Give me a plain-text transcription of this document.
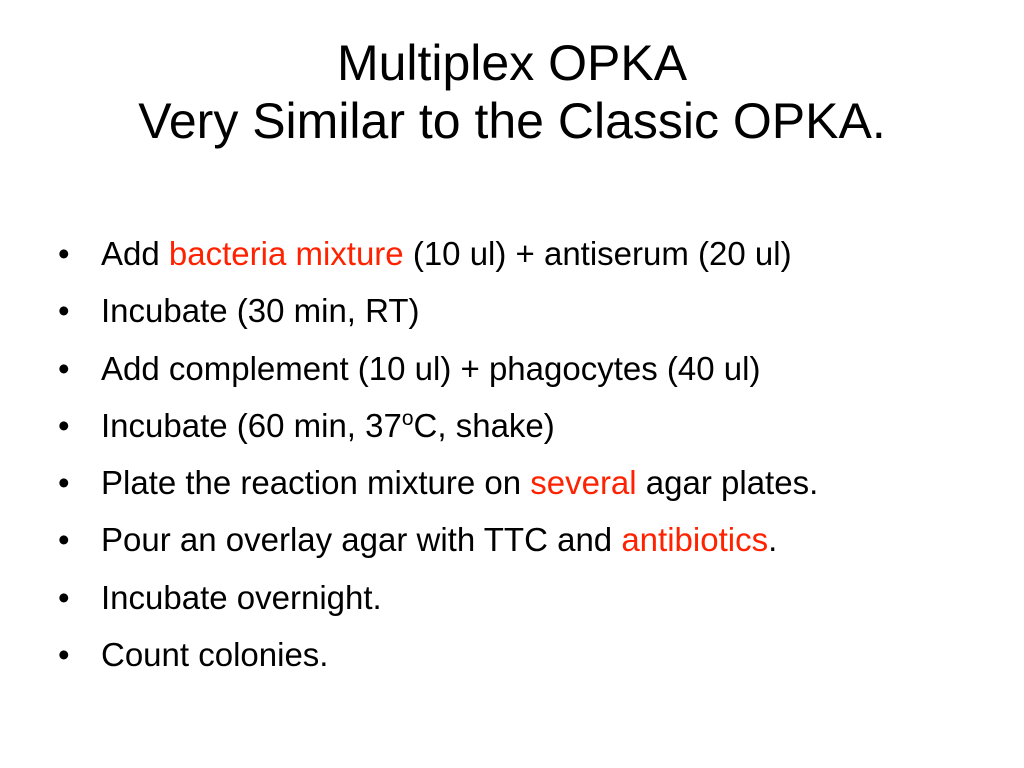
Multiplex OPKA
Very Similar to the Classic OPKA.
• Add bacteria mixture (10 ul) + antiserum (20 ul)
• Incubate (30 min, RT)
• Add complement (10 ul) + phagocytes (40 ul)
• Incubate (60 min, 37$^o$C, shake)
• Plate the reaction mixture on several agar plates.
• Pour an overlay agar with TTC and antibiotics.
• Incubate overnight.
• Count colonies.
